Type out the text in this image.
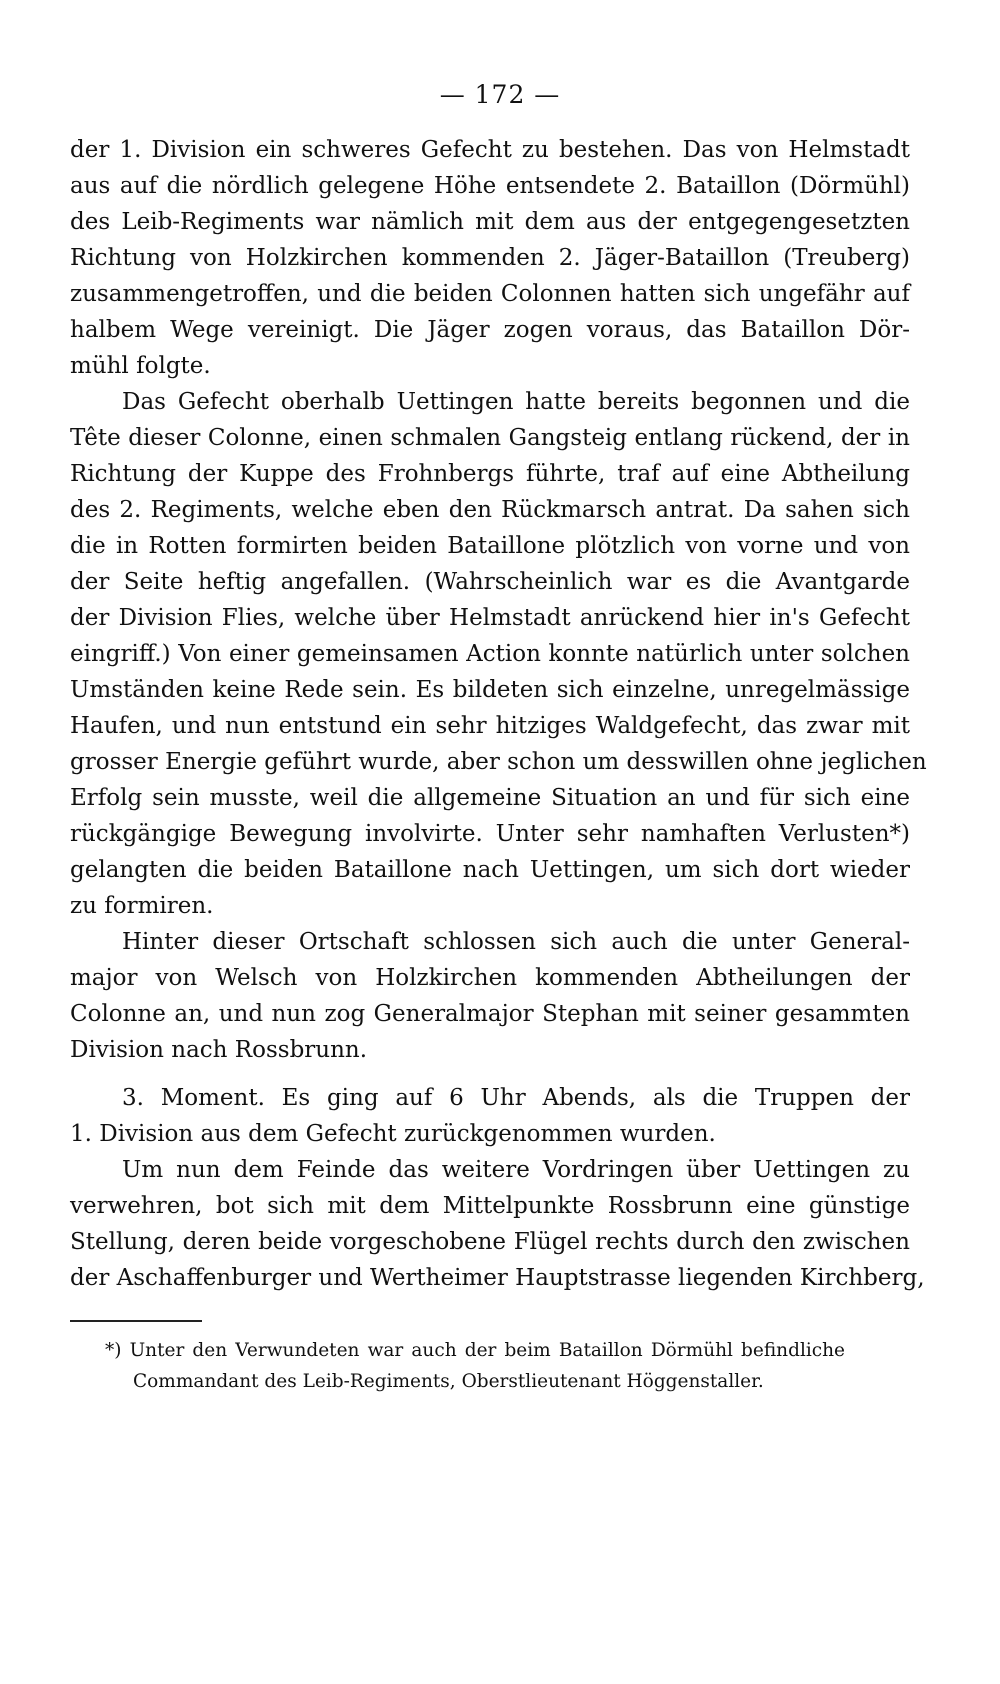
— 172 —
der 1. Division ein schweres Gefecht zu bestehen. Das von Helmstadt
aus auf die nördlich gelegene Höhe entsendete 2. Bataillon (Dörmühl)
des Leib-Regiments war nämlich mit dem aus der entgegengesetzten
Richtung von Holzkirchen kommenden 2. Jäger-Bataillon (Treuberg)
zusammengetroffen, und die beiden Colonnen hatten sich ungefähr auf
halbem Wege vereinigt. Die Jäger zogen voraus, das Bataillon Dör-
mühl folgte.
Das Gefecht oberhalb Uettingen hatte bereits begonnen und die
Tête dieser Colonne, einen schmalen Gangsteig entlang rückend, der in
Richtung der Kuppe des Frohnbergs führte, traf auf eine Abtheilung
des 2. Regiments, welche eben den Rückmarsch antrat. Da sahen sich
die in Rotten formirten beiden Bataillone plötzlich von vorne und von
der Seite heftig angefallen. (Wahrscheinlich war es die Avantgarde
der Division Flies, welche über Helmstadt anrückend hier in's Gefecht
eingriff.) Von einer gemeinsamen Action konnte natürlich unter solchen
Umständen keine Rede sein. Es bildeten sich einzelne, unregelmässige
Haufen, und nun entstund ein sehr hitziges Waldgefecht, das zwar mit
grosser Energie geführt wurde, aber schon um desswillen ohne jeglichen
Erfolg sein musste, weil die allgemeine Situation an und für sich eine
rückgängige Bewegung involvirte. Unter sehr namhaften Verlusten*)
gelangten die beiden Bataillone nach Uettingen, um sich dort wieder
zu formiren.
Hinter dieser Ortschaft schlossen sich auch die unter General-
major von Welsch von Holzkirchen kommenden Abtheilungen der
Colonne an, und nun zog Generalmajor Stephan mit seiner gesammten
Division nach Rossbrunn.
3. Moment. Es ging auf 6 Uhr Abends, als die Truppen der
1. Division aus dem Gefecht zurückgenommen wurden.
Um nun dem Feinde das weitere Vordringen über Uettingen zu
verwehren, bot sich mit dem Mittelpunkte Rossbrunn eine günstige
Stellung, deren beide vorgeschobene Flügel rechts durch den zwischen
der Aschaffenburger und Wertheimer Hauptstrasse liegenden Kirchberg,
*) Unter den Verwundeten war auch der beim Bataillon Dörmühl befindliche
Commandant des Leib-Regiments, Oberstlieutenant Höggenstaller.
